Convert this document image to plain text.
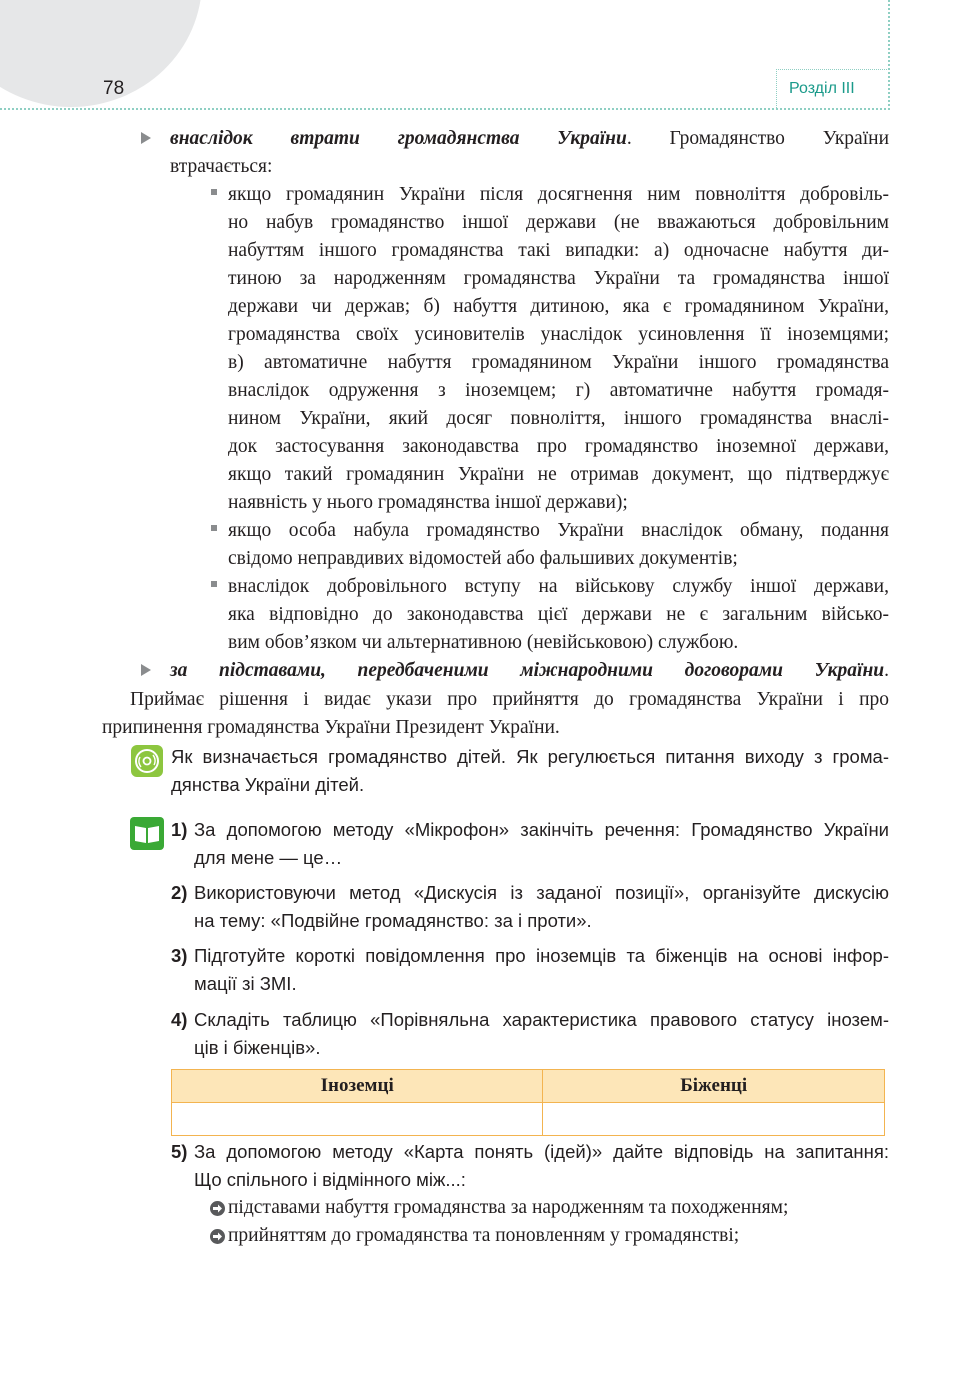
78	Розділ ІІІ
внаслідок втрати громадянства України. Громадянство України
втрачається:
якщо громадянин України після досягнення ним повноліття добровіль-
но набув громадянство іншої держави (не вважаються добровільним
набуттям іншого громадянства такі випадки: а) одночасне набуття ди-
тиною за народженням громадянства України та громадянства іншої
держави чи держав; б) набуття дитиною, яка є громадянином України,
громадянства своїх усиновителів унаслідок усиновлення її іноземцями;
в) автоматичне набуття громадянином України іншого громадянства
внаслідок одруження з іноземцем; г) автоматичне набуття громадя-
нином України, який досяг повноліття, іншого громадянства внаслі-
док застосування законодавства про громадянство іноземної держави,
якщо такий громадянин України не отримав документ, що підтверджує
наявність у нього громадянства іншої держави);
якщо особа набула громадянство України внаслідок обману, подання
свідомо неправдивих відомостей або фальшивих документів;
внаслідок добровільного вступу на військову службу іншої держави,
яка відповідно до законодавства цієї держави не є загальним військо-
вим обов’язком чи альтернативною (невійськовою) службою.
за підставами, передбаченими міжнародними договорами України.
Приймає рішення і видає укази про прийняття до громадянства України і про
припинення громадянства України Президент України.
Як визначається громадянство дітей. Як регулюється питання виходу з грома-
дянства України дітей.
1) За допомогою методу «Мікрофон» закінчіть речення: Громадянство України
для мене — це…
2) Використовуючи метод «Дискусія із заданої позиції», організуйте дискусію
на тему: «Подвійне громадянство: за і проти».
3) Підготуйте короткі повідомлення про іноземців та біженців на основі інфор-
мації зі ЗМІ.
4) Складіть таблицю «Порівняльна характеристика правового статусу інозем-
ців і біженців».
Іноземці	Біженці

5) За допомогою методу «Карта понять (ідей)» дайте відповідь на запитання:
Що спільного і відмінного між...:
підставами набуття громадянства за народженням та походженням;
прийняттям до громадянства та поновленням у громадянстві;
